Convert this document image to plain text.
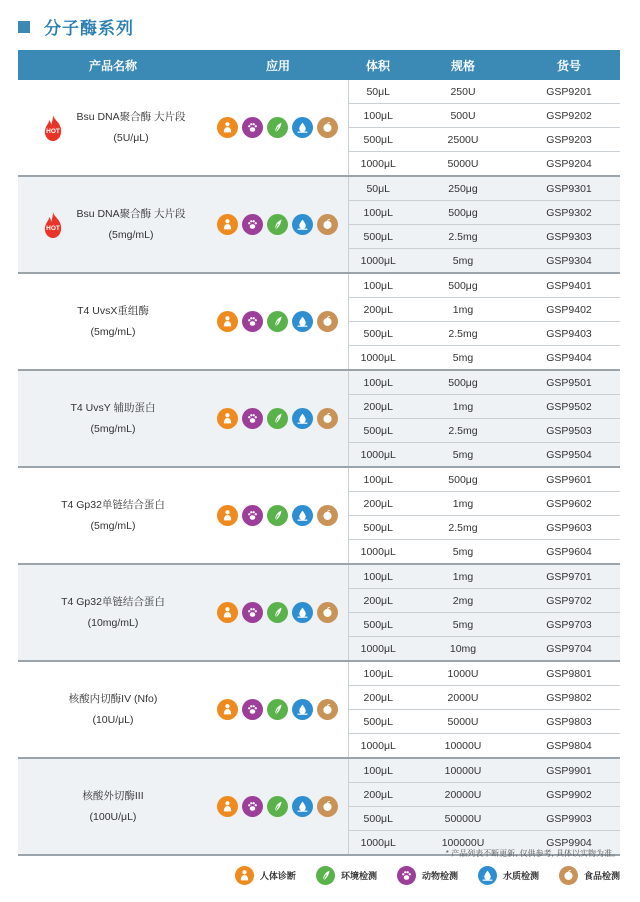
分子酶系列
产品名称	应用	体积	规格	货号

HOT
Bsu DNA聚合酶 大片段
(5U/μL)		50μL	250U	GSP9201
		100μL	500U	GSP9202
		500μL	2500U	GSP9203
		1000μL	5000U	GSP9204

HOT
Bsu DNA聚合酶 大片段
(5mg/mL)		50μL	250μg	GSP9301
		100μL	500μg	GSP9302
		500μL	2.5mg	GSP9303
		1000μL	5mg	GSP9304

T4 UvsX重组酶
(5mg/mL)		100μL	500μg	GSP9401
		200μL	1mg	GSP9402
		500μL	2.5mg	GSP9403
		1000μL	5mg	GSP9404

T4 UvsY 辅助蛋白
(5mg/mL)		100μL	500μg	GSP9501
		200μL	1mg	GSP9502
		500μL	2.5mg	GSP9503
		1000μL	5mg	GSP9504

T4 Gp32单链结合蛋白
(5mg/mL)		100μL	500μg	GSP9601
		200μL	1mg	GSP9602
		500μL	2.5mg	GSP9603
		1000μL	5mg	GSP9604

T4 Gp32单链结合蛋白
(10mg/mL)		100μL	1mg	GSP9701
		200μL	2mg	GSP9702
		500μL	5mg	GSP9703
		1000μL	10mg	GSP9704

核酸内切酶IV (Nfo)
(10U/μL)		100μL	1000U	GSP9801
		200μL	2000U	GSP9802
		500μL	5000U	GSP9803
		1000μL	10000U	GSP9804

核酸外切酶III
(100U/μL)		100μL	10000U	GSP9901
		200μL	20000U	GSP9902
		500μL	50000U	GSP9903
		1000μL	100000U	GSP9904
* 产品列表不断更新, 仅供参考, 具体以实物为准。
人体诊断	环境检测	动物检测	水质检测	食品检测
